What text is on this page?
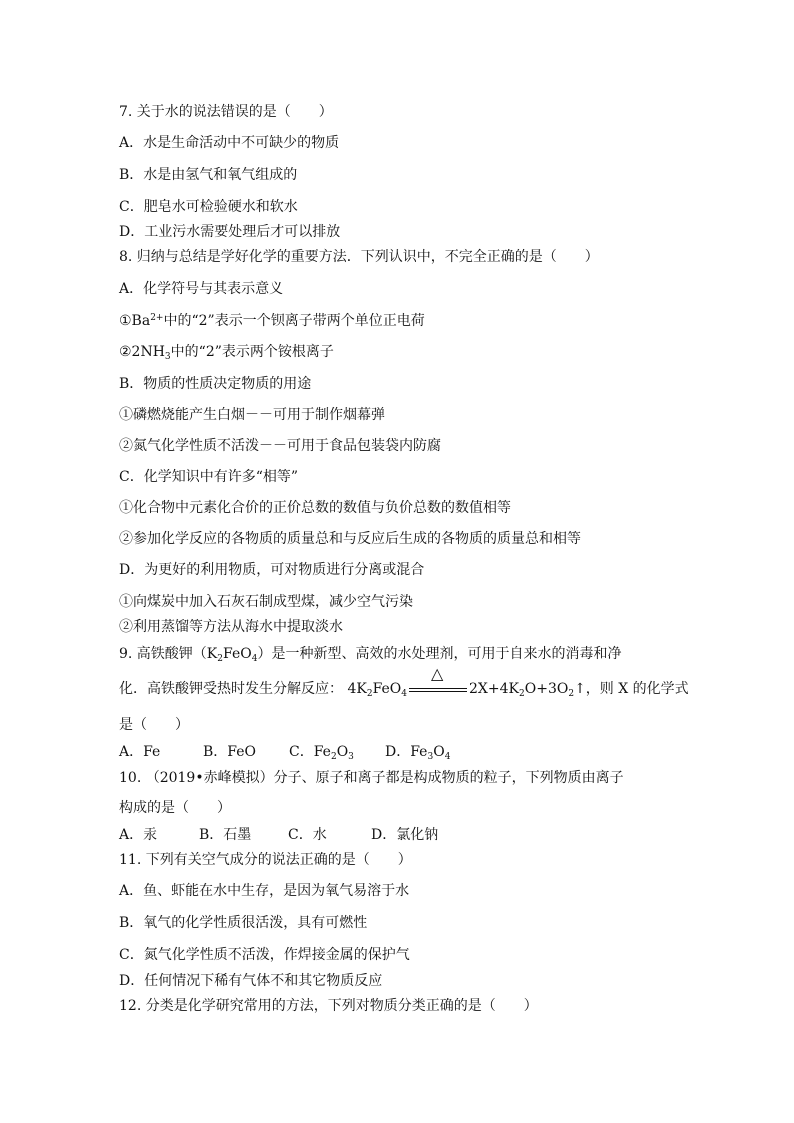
7. 关于水的说法错误的是（　　）
A．水是生命活动中不可缺少的物质
B．水是由氢气和氧气组成的
C．肥皂水可检验硬水和软水
D．工业污水需要处理后才可以排放
8. 归纳与总结是学好化学的重要方法．下列认识中，不完全正确的是（　　）
A．化学符号与其表示意义
$①Ba^{2+}$中的“2”表示一个钡离子带两个单位正电荷
$②2NH_3$中的“2”表示两个铵根离子
B．物质的性质决定物质的用途
①磷燃烧能产生白烟－－可用于制作烟幕弹
②氮气化学性质不活泼－－可用于食品包装袋内防腐
C．化学知识中有许多“相等”
①化合物中元素化合价的正价总数的数值与负价总数的数值相等
②参加化学反应的各物质的质量总和与反应后生成的各物质的质量总和相等
D．为更好的利用物质，可对物质进行分离或混合
①向煤炭中加入石灰石制成型煤，减少空气污染
②利用蒸馏等方法从海水中提取淡水
9. 高铁酸钾$(K_2FeO_4)$是一种新型、高效的水处理剂，可用于自来水的消毒和净
化．高铁酸钾受热时发生分解反应： $4K_2FeO_4$
△
$2X+4K_2O+3O_2↑$，则 X 的化学式
是（　　）
A．Fe	B．FeO C．$Fe_2O_3$ D．$Fe_3O_4$
10. （2019•赤峰模拟）分子、原子和离子都是构成物质的粒子，下列物质由离子
构成的是（　　）
A．汞	B．石墨	C．水	D．氯化钠
11. 下列有关空气成分的说法正确的是（　　）
A．鱼、虾能在水中生存，是因为氧气易溶于水
B．氧气的化学性质很活泼，具有可燃性
C．氮气化学性质不活泼，作焊接金属的保护气
D．任何情况下稀有气体不和其它物质反应
12. 分类是化学研究常用的方法，下列对物质分类正确的是（　　）
